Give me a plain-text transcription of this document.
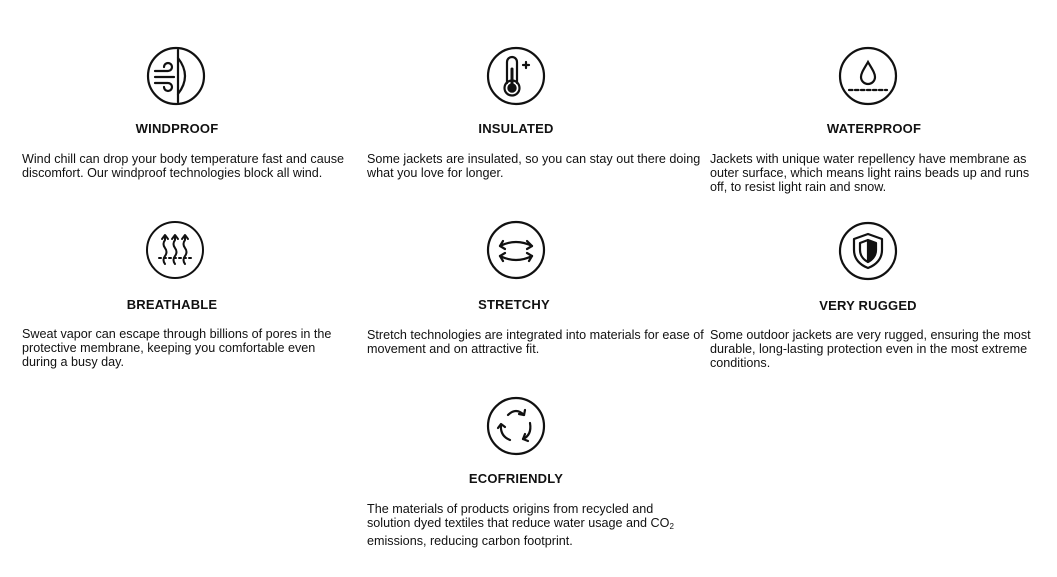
WINDPROOF
Wind chill can drop your body temperature fast and cause discomfort. Our windproof technologies block all wind.
INSULATED
Some jackets are insulated, so you can stay out there doing what you love for longer.
WATERPROOF
Jackets with unique water repellency have membrane as outer surface, which means light rains beads up and runs off, to resist light rain and snow.
BREATHABLE
Sweat vapor can escape through billions of pores in the protective membrane, keeping you comfortable even during a busy day.
STRETCHY
Stretch technologies are integrated into materials for ease of movement and on attractive fit.
VERY RUGGED
Some outdoor jackets are very rugged, ensuring the most durable, long-lasting protection even in the most extreme conditions.
ECOFRIENDLY
The materials of products origins from recycled and solution dyed textiles that reduce water usage and $CO_2$ emissions, reducing carbon footprint.
